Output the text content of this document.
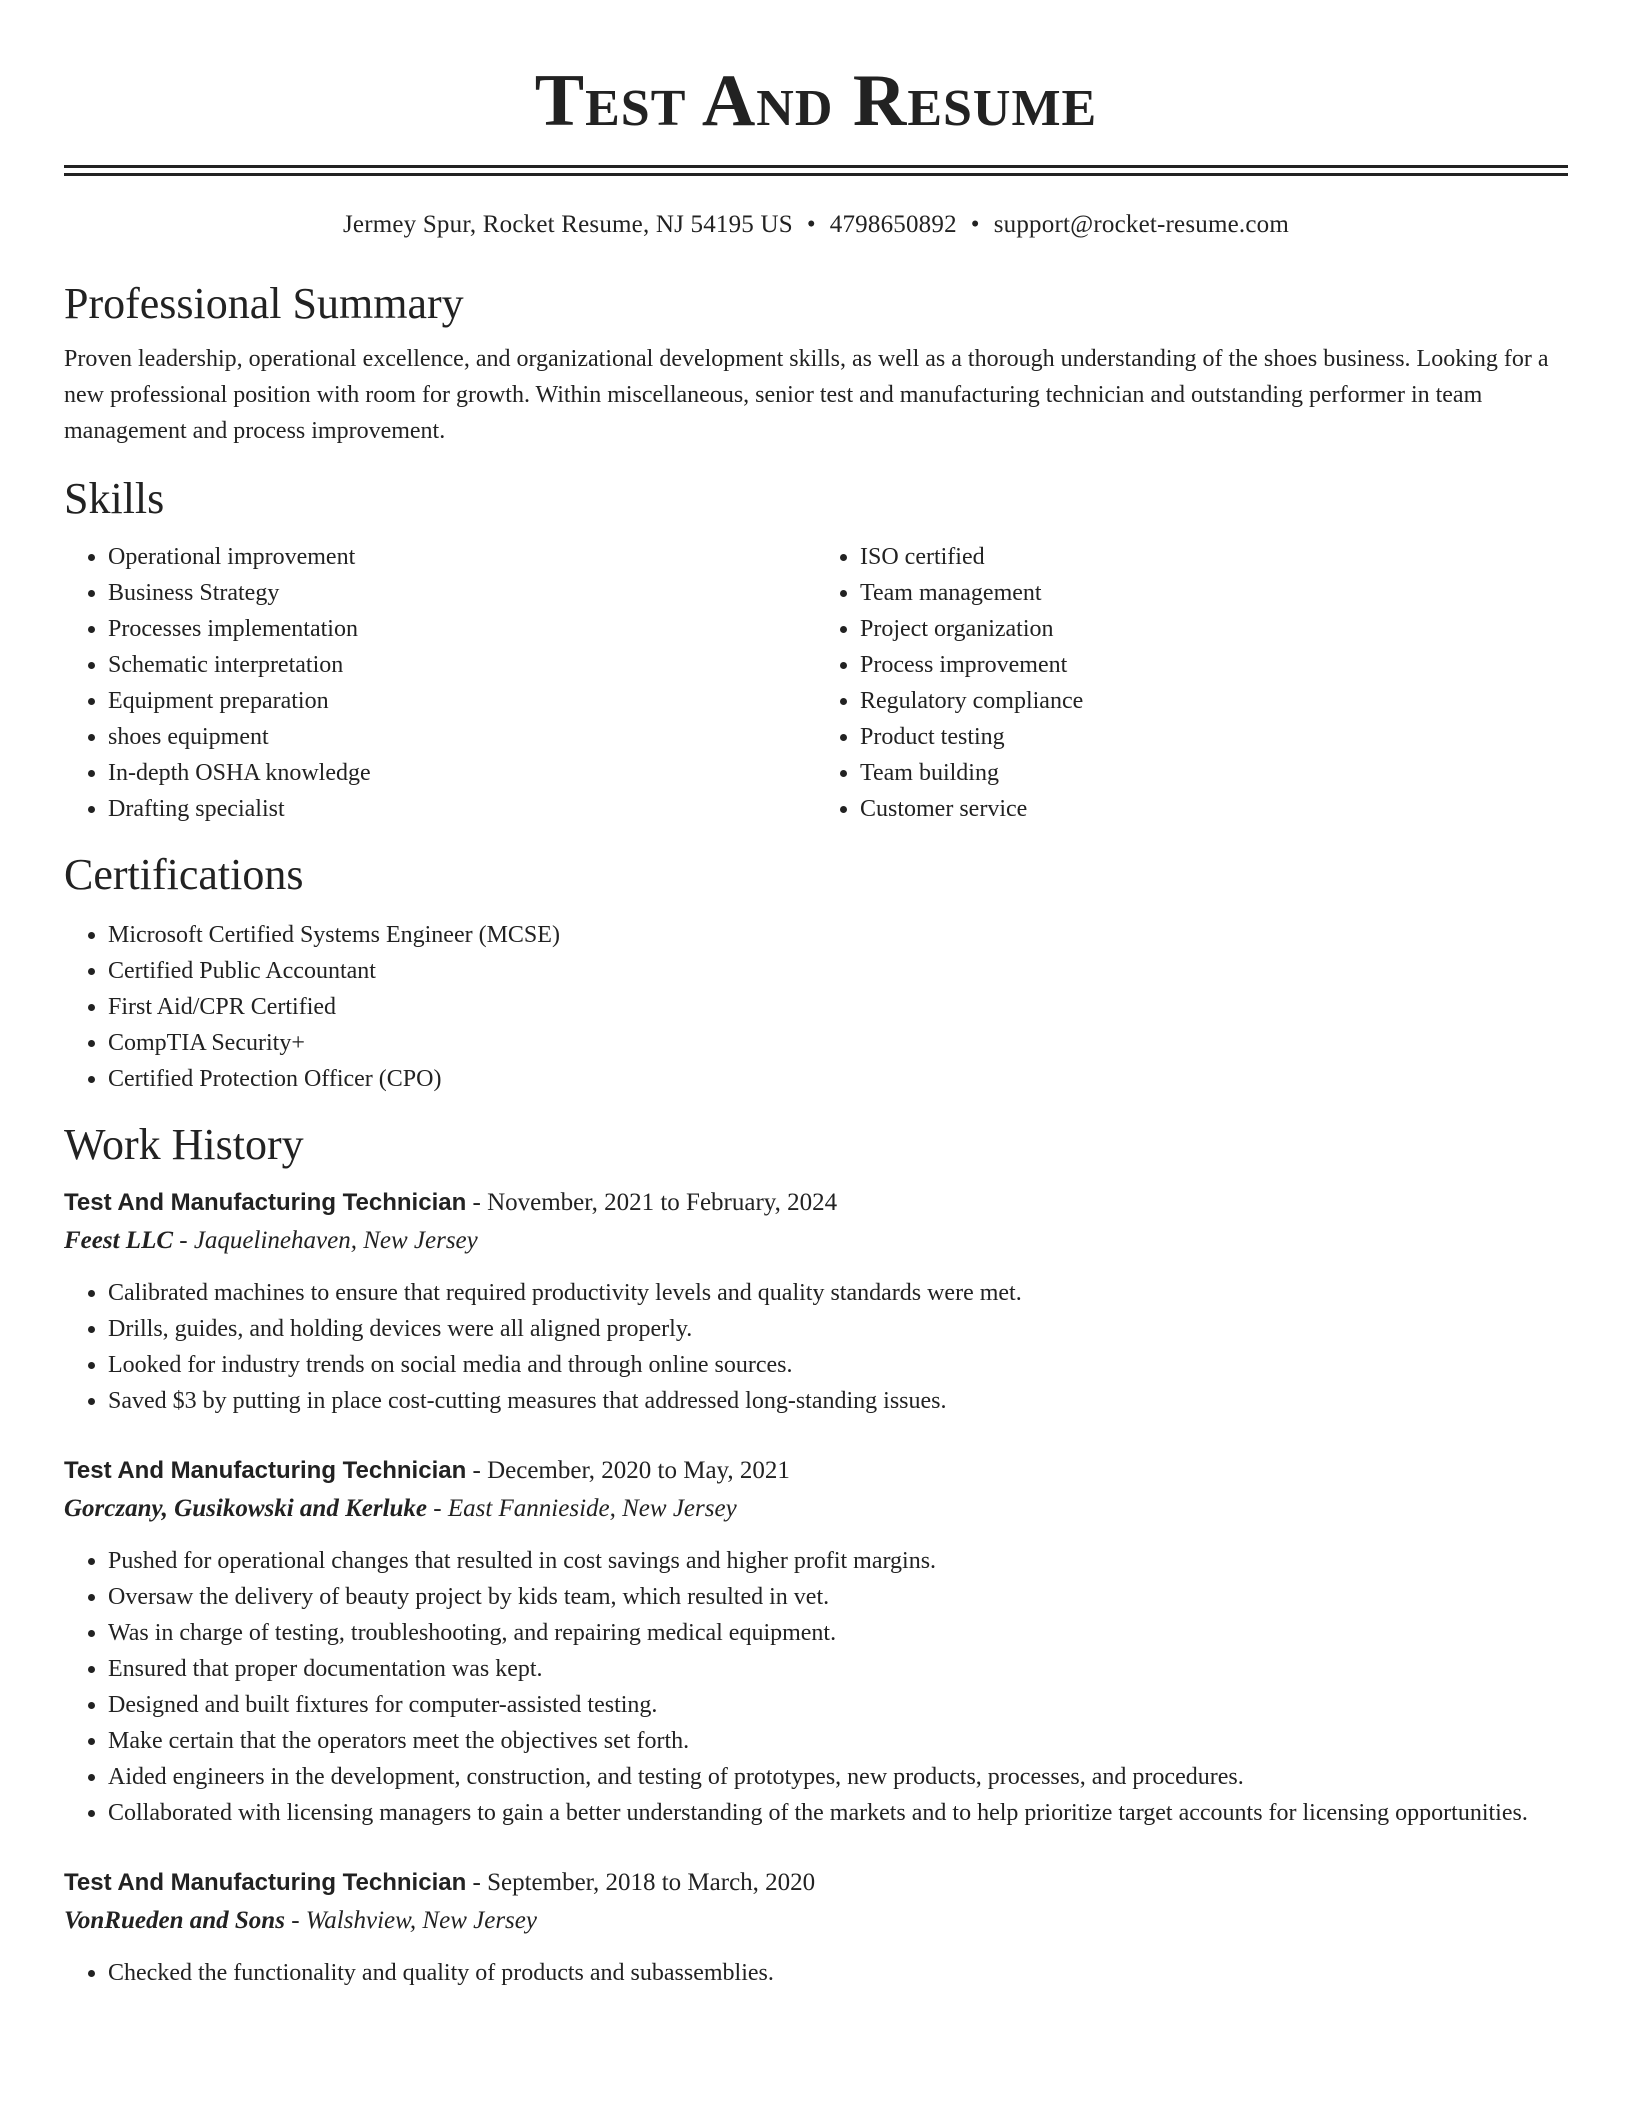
Test And Resume
Jermey Spur, Rocket Resume, NJ 54195 US • 4798650892 • support@rocket-resume.com
Professional Summary
Proven leadership, operational excellence, and organizational development skills, as well as a thorough understanding of the shoes business. Looking for a new professional position with room for growth. Within miscellaneous, senior test and manufacturing technician and outstanding performer in team management and process improvement.
Skills
• Operational improvement
• Business Strategy
• Processes implementation
• Schematic interpretation
• Equipment preparation
• shoes equipment
• In-depth OSHA knowledge
• Drafting specialist
• ISO certified
• Team management
• Project organization
• Process improvement
• Regulatory compliance
• Product testing
• Team building
• Customer service
Certifications
• Microsoft Certified Systems Engineer (MCSE)
• Certified Public Accountant
• First Aid/CPR Certified
• CompTIA Security+
• Certified Protection Officer (CPO)
Work History
Test And Manufacturing Technician - November, 2021 to February, 2024
Feest LLC - Jaquelinehaven, New Jersey
• Calibrated machines to ensure that required productivity levels and quality standards were met.
• Drills, guides, and holding devices were all aligned properly.
• Looked for industry trends on social media and through online sources.
• Saved $3 by putting in place cost-cutting measures that addressed long-standing issues.
Test And Manufacturing Technician - December, 2020 to May, 2021
Gorczany, Gusikowski and Kerluke - East Fannieside, New Jersey
• Pushed for operational changes that resulted in cost savings and higher profit margins.
• Oversaw the delivery of beauty project by kids team, which resulted in vet.
• Was in charge of testing, troubleshooting, and repairing medical equipment.
• Ensured that proper documentation was kept.
• Designed and built fixtures for computer-assisted testing.
• Make certain that the operators meet the objectives set forth.
• Aided engineers in the development, construction, and testing of prototypes, new products, processes, and procedures.
• Collaborated with licensing managers to gain a better understanding of the markets and to help prioritize target accounts for licensing opportunities.
Test And Manufacturing Technician - September, 2018 to March, 2020
VonRueden and Sons - Walshview, New Jersey
• Checked the functionality and quality of products and subassemblies.
